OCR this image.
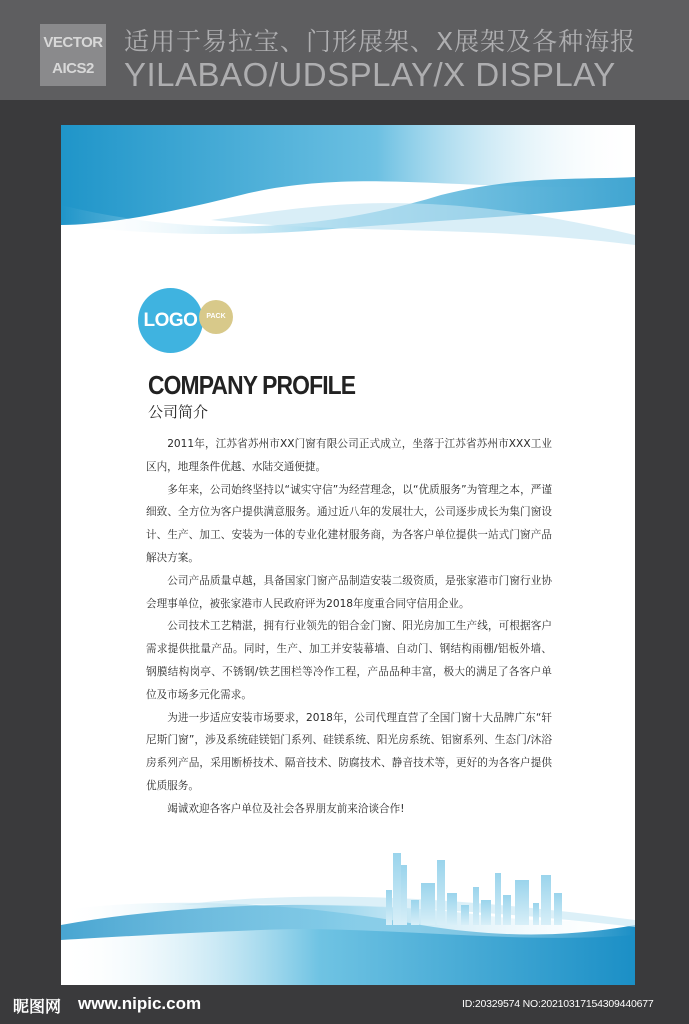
VECTOR
AICS2
适用于易拉宝、门形展架、X展架及各种海报
YILABAO/UDSPLAY/X DISPLAY
LOGO	PACK
COMPANY PROFILE
公司简介

2011年，江苏省苏州市XX门窗有限公司正式成立，坐落于江苏省苏州市XXX工业区内，地理条件优越、水陆交通便捷。

多年来，公司始终坚持以“诚实守信”为经营理念，以“优质服务”为管理之本，严谨细致、全方位为客户提供满意服务。通过近八年的发展壮大，公司逐步成长为集门窗设计、生产、加工、安装为一体的专业化建材服务商，为各客户单位提供一站式门窗产品解决方案。

公司产品质量卓越，具备国家门窗产品制造安装二级资质，是张家港市门窗行业协会理事单位，被张家港市人民政府评为2018年度重合同守信用企业。

公司技术工艺精湛，拥有行业领先的铝合金门窗、阳光房加工生产线，可根据客户需求提供批量产品。同时，生产、加工并安装幕墙、自动门、钢结构雨棚/铝板外墙、钢膜结构岗亭、不锈钢/铁艺围栏等冷作工程，产品品种丰富，极大的满足了各客户单位及市场多元化需求。

为进一步适应安装市场要求，2018年，公司代理直营了全国门窗十大品牌广东“轩尼斯门窗”，涉及系统硅镁铝门系列、硅镁系统、阳光房系统、铝窗系列、生态门/沐浴房系列产品，采用断桥技术、隔音技术、防腐技术、静音技术等，更好的为各客户提供优质服务。

竭诚欢迎各客户单位及社会各界朋友前来洽谈合作!

昵图网 www.nipic.com	ID:20329574 NO:20210317154309440677
